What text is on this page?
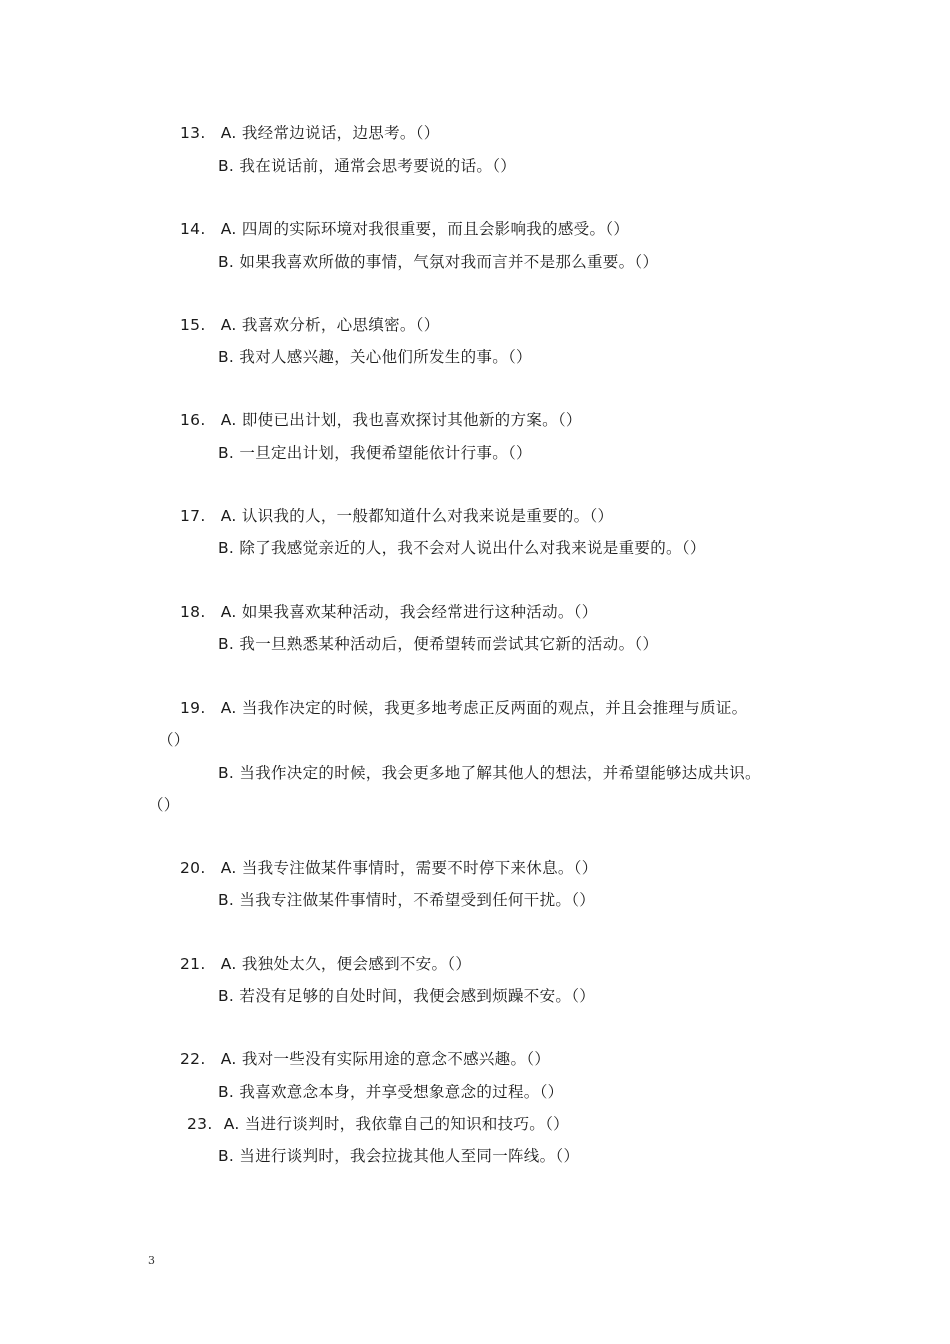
13. A. 我经常边说话，边思考。（）
B. 我在说话前，通常会思考要说的话。（）
14. A. 四周的实际环境对我很重要，而且会影响我的感受。（）
B. 如果我喜欢所做的事情，气氛对我而言并不是那么重要。（）
15. A. 我喜欢分析，心思缜密。（）
B. 我对人感兴趣，关心他们所发生的事。（）
16. A. 即使已出计划，我也喜欢探讨其他新的方案。（）
B. 一旦定出计划，我便希望能依计行事。（）
17. A. 认识我的人，一般都知道什么对我来说是重要的。（）
B. 除了我感觉亲近的人，我不会对人说出什么对我来说是重要的。（）
18. A. 如果我喜欢某种活动，我会经常进行这种活动。（）
B. 我一旦熟悉某种活动后，便希望转而尝试其它新的活动。（）
19. A. 当我作决定的时候，我更多地考虑正反两面的观点，并且会推理与质证。
（）
B. 当我作决定的时候，我会更多地了解其他人的想法，并希望能够达成共识。
（）
20. A. 当我专注做某件事情时，需要不时停下来休息。（）
B. 当我专注做某件事情时，不希望受到任何干扰。（）
21. A. 我独处太久，便会感到不安。（）
B. 若没有足够的自处时间，我便会感到烦躁不安。（）
22. A. 我对一些没有实际用途的意念不感兴趣。（）
B. 我喜欢意念本身，并享受想象意念的过程。（）
23. A. 当进行谈判时，我依靠自己的知识和技巧。（）
B. 当进行谈判时，我会拉拢其他人至同一阵线。（）
3
